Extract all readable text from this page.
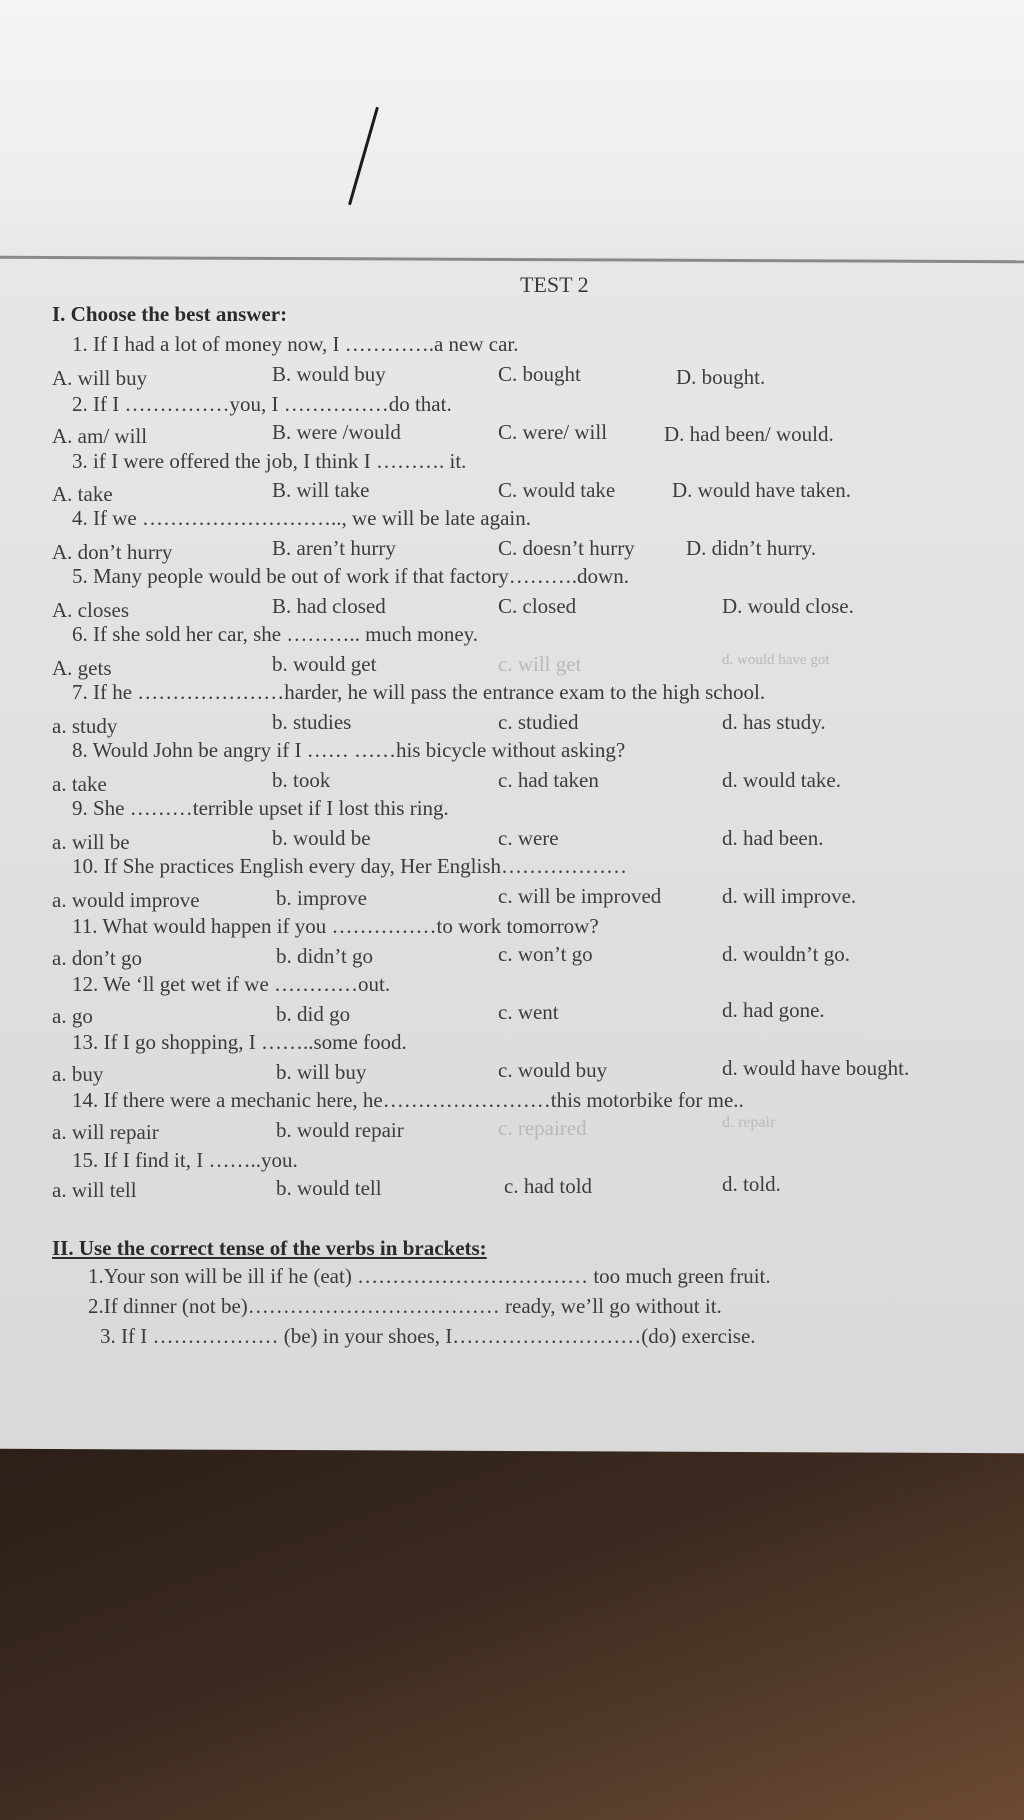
TEST 2
I. Choose the best answer:
1. If I had a lot of money now, I ………….a new car.
A. will buy	B. would buy	C. bought	D. bought.
2. If I ……………you, I ……………do that.
A. am/ will	B. were /would	C. were/ will	D. had been/ would.
3. if I were offered the job, I think I ………. it.
A. take	B. will take	C. would take	D. would have taken.
4. If we ……………………….., we will be late again.
A. don’t hurry	B. aren’t hurry	C. doesn’t hurry D. didn’t hurry.
5. Many people would be out of work if that factory……….down.
A. closes	B. had closed	C. closed	D. would close.
6. If she sold her car, she ……….. much money.
A. gets	b. would get	c. will get	d. would have got
7. If he …………………harder, he will pass the entrance exam to the high school.
a. study	b. studies	c. studied	d. has study.
8. Would John be angry if I …… ……his bicycle without asking?
a. take	b. took	c. had taken	d. would take.
9. She ………terrible upset if I lost this ring.
a. will be	b. would be	c. were	d. had been.
10. If She practices English every day, Her English………………
a. would improve	b. improve	c. will be improved	d. will improve.
11. What would happen if you ……………to work tomorrow?
a. don’t go	b. didn’t go	c. won’t go	d. wouldn’t go.
12. We ‘ll get wet if we …………out.
a. go	b. did go	c. went	d. had gone.
13. If I go shopping, I ……..some food.
a. buy	b. will buy	c. would buy	d. would have bought.
14. If there were a mechanic here, he……………………this motorbike for me..
a. will repair	b. would repair	c. repaired	d. repair
15. If I find it, I ……..you.
a. will tell	b. would tell	c. had told	d. told.
II. Use the correct tense of the verbs in brackets:
1.Your son will be ill if he (eat) …………………………… too much green fruit.
2.If dinner (not be)……………………………… ready, we’ll go without it.
3. If I ……………… (be) in your shoes, I………………………(do) exercise.
